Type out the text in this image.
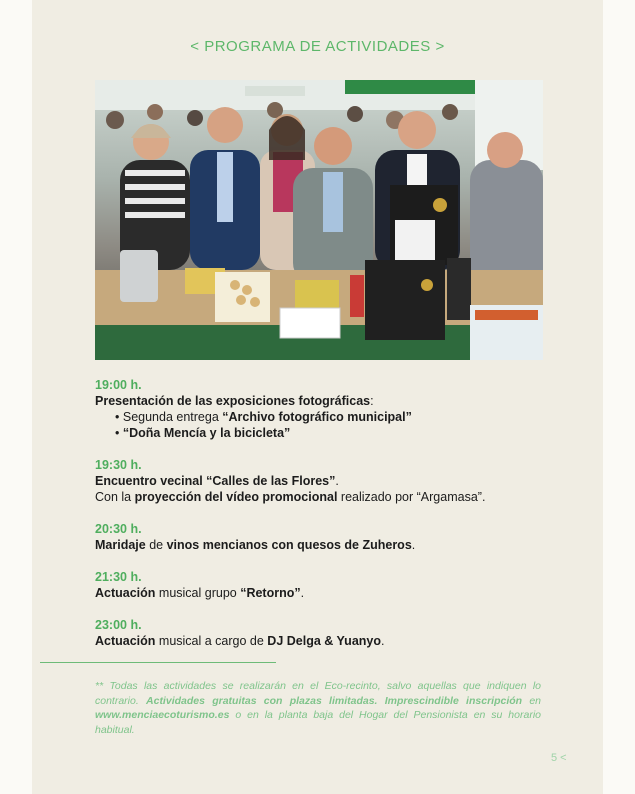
< PROGRAMA DE ACTIVIDADES >
19:00 h.
Presentación de las exposiciones fotográficas:
• Segunda entrega “Archivo fotográfico municipal”
• “Doña Mencía y la bicicleta”
19:30 h.
Encuentro vecinal “Calles de las Flores”.
Con la proyección del vídeo promocional realizado por “Argamasa”.
20:30 h.
Maridaje de vinos mencianos con quesos de Zuheros.
21:30 h.
Actuación musical grupo “Retorno”.
23:00 h.
Actuación musical a cargo de DJ Delga & Yuanyo.
** Todas las actividades se realizarán en el Eco-recinto, salvo aquellas que indiquen lo contrario. Actividades gratuitas con plazas limitadas. Imprescindible inscripción en www.menciaecoturismo.es o en la planta baja del Hogar del Pensionista en su horario habitual.
5 <
